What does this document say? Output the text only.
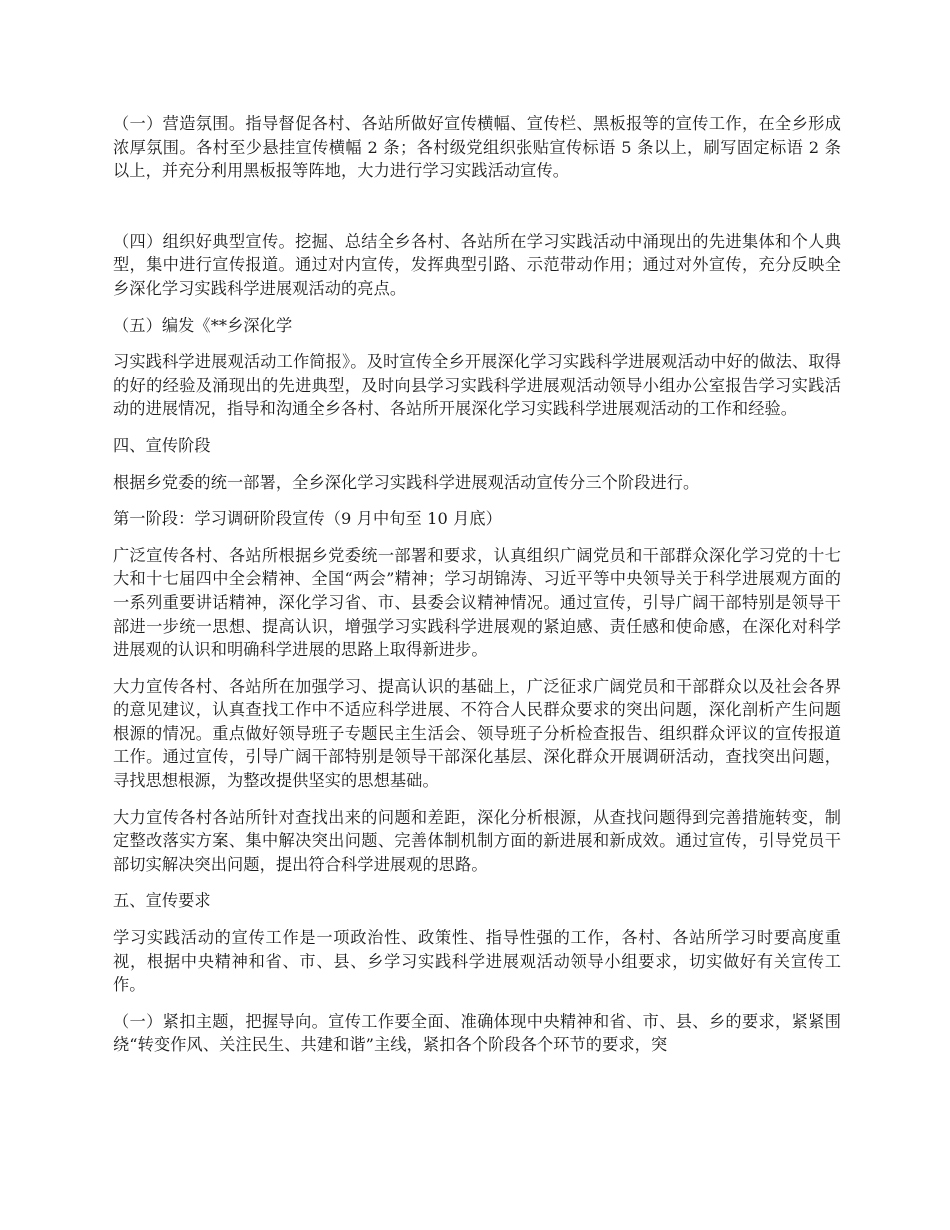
（一）营造氛围。指导督促各村、各站所做好宣传横幅、宣传栏、黑板报等的宣传工作，在全乡形成浓厚氛围。各村至少悬挂宣传横幅 2 条；各村级党组织张贴宣传标语 5 条以上，刷写固定标语 2 条以上，并充分利用黑板报等阵地，大力进行学习实践活动宣传。

（四）组织好典型宣传。挖掘、总结全乡各村、各站所在学习实践活动中涌现出的先进集体和个人典型，集中进行宣传报道。通过对内宣传，发挥典型引路、示范带动作用；通过对外宣传，充分反映全乡深化学习实践科学进展观活动的亮点。

（五）编发《**乡深化学

习实践科学进展观活动工作简报》。及时宣传全乡开展深化学习实践科学进展观活动中好的做法、取得的好的经验及涌现出的先进典型，及时向县学习实践科学进展观活动领导小组办公室报告学习实践活动的进展情况，指导和沟通全乡各村、各站所开展深化学习实践科学进展观活动的工作和经验。

四、宣传阶段

根据乡党委的统一部署，全乡深化学习实践科学进展观活动宣传分三个阶段进行。

第一阶段：学习调研阶段宣传（9 月中旬至 10 月底）

广泛宣传各村、各站所根据乡党委统一部署和要求，认真组织广阔党员和干部群众深化学习党的十七大和十七届四中全会精神、全国“两会”精神；学习胡锦涛、习近平等中央领导关于科学进展观方面的一系列重要讲话精神，深化学习省、市、县委会议精神情况。通过宣传，引导广阔干部特别是领导干部进一步统一思想、提高认识，增强学习实践科学进展观的紧迫感、责任感和使命感，在深化对科学进展观的认识和明确科学进展的思路上取得新进步。

大力宣传各村、各站所在加强学习、提高认识的基础上，广泛征求广阔党员和干部群众以及社会各界的意见建议，认真查找工作中不适应科学进展、不符合人民群众要求的突出问题，深化剖析产生问题根源的情况。重点做好领导班子专题民主生活会、领导班子分析检查报告、组织群众评议的宣传报道工作。通过宣传，引导广阔干部特别是领导干部深化基层、深化群众开展调研活动，查找突出问题，寻找思想根源，为整改提供坚实的思想基础。

大力宣传各村各站所针对查找出来的问题和差距，深化分析根源，从查找问题得到完善措施转变，制定整改落实方案、集中解决突出问题、完善体制机制方面的新进展和新成效。通过宣传，引导党员干部切实解决突出问题，提出符合科学进展观的思路。

五、宣传要求

学习实践活动的宣传工作是一项政治性、政策性、指导性强的工作，各村、各站所学习时要高度重视，根据中央精神和省、市、县、乡学习实践科学进展观活动领导小组要求，切实做好有关宣传工作。

（一）紧扣主题，把握导向。宣传工作要全面、准确体现中央精神和省、市、县、乡的要求，紧紧围绕“转变作风、关注民生、共建和谐”主线，紧扣各个阶段各个环节的要求，突
